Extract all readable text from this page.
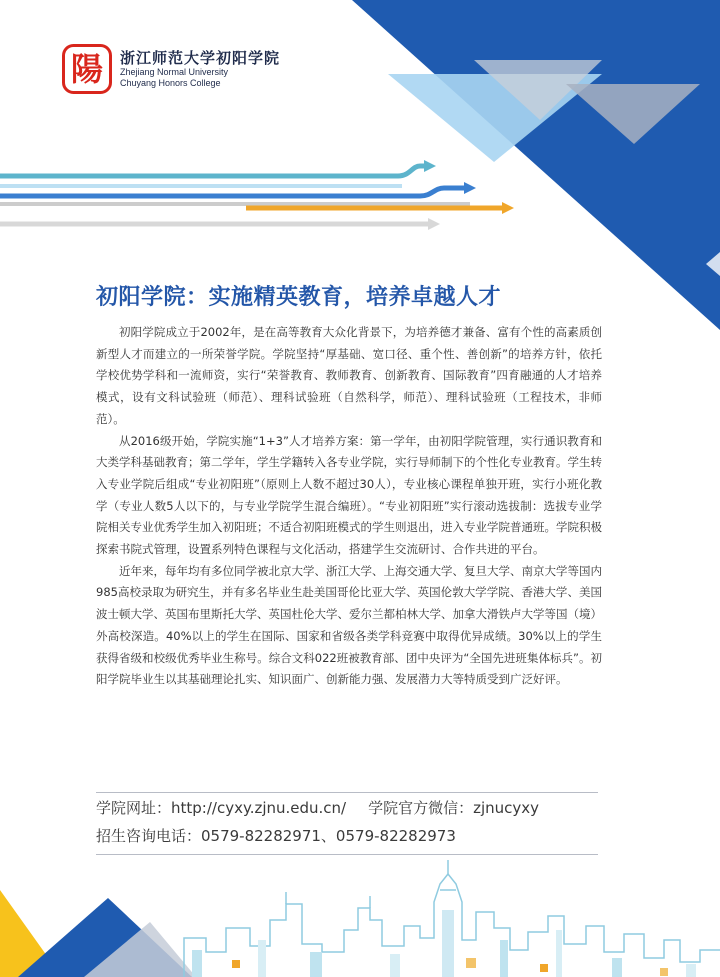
陽 浙江师范大学初阳学院
Zhejiang Normal University
Chuyang Honors College
初阳学院：实施精英教育，培养卓越人才

初阳学院成立于2002年，是在高等教育大众化背景下，为培养德才兼备、富有个性的高素质创新型人才而建立的一所荣誉学院。学院坚持“厚基础、宽口径、重个性、善创新”的培养方针，依托学校优势学科和一流师资，实行“荣誉教育、教师教育、创新教育、国际教育”四育融通的人才培养模式，设有文科试验班（师范）、理科试验班（自然科学，师范）、理科试验班（工程技术，非师范）。

从2016级开始，学院实施“1+3”人才培养方案：第一学年，由初阳学院管理，实行通识教育和大类学科基础教育；第二学年，学生学籍转入各专业学院，实行导师制下的个性化专业教育。学生转入专业学院后组成“专业初阳班”（原则上人数不超过30人），专业核心课程单独开班，实行小班化教学（专业人数5人以下的，与专业学院学生混合编班）。“专业初阳班”实行滚动选拔制：选拔专业学院相关专业优秀学生加入初阳班；不适合初阳班模式的学生则退出，进入专业学院普通班。学院积极探索书院式管理，设置系列特色课程与文化活动，搭建学生交流研讨、合作共进的平台。

近年来，每年均有多位同学被北京大学、浙江大学、上海交通大学、复旦大学、南京大学等国内985高校录取为研究生，并有多名毕业生赴美国哥伦比亚大学、英国伦敦大学学院、香港大学、美国波士顿大学、英国布里斯托大学、英国杜伦大学、爱尔兰都柏林大学、加拿大滑铁卢大学等国（境）外高校深造。40%以上的学生在国际、国家和省级各类学科竞赛中取得优异成绩。30%以上的学生获得省级和校级优秀毕业生称号。综合文科022班被教育部、团中央评为“全国先进班集体标兵”。初阳学院毕业生以其基础理论扎实、知识面广、创新能力强、发展潜力大等特质受到广泛好评。

学院网址：http://cyxy.zjnu.edu.cn/ 学院官方微信：zjnucyxy
招生咨询电话：0579-82282971、0579-82282973
